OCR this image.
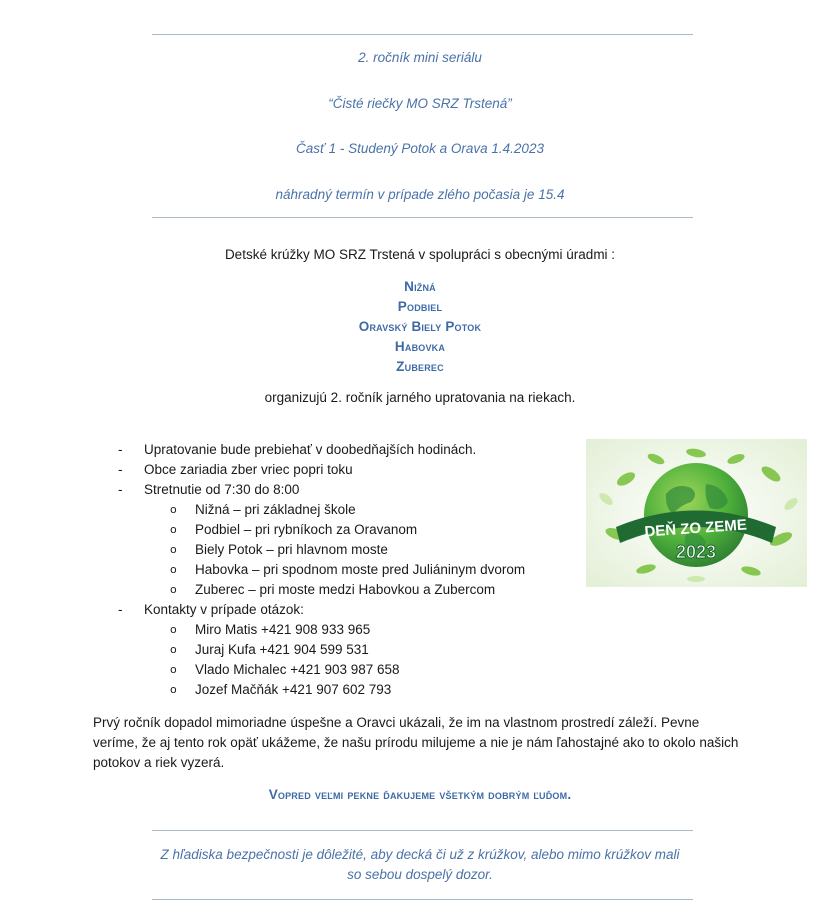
2. ročník mini seriálu
“Čisté riečky MO SRZ Trstená”
Časť 1 - Studený Potok a Orava 1.4.2023
náhradný termín v prípade zlého počasia je 15.4
Detské krúžky MO SRZ Trstená v spolupráci s obecnými úradmi :
Nižná
Podbiel
Oravský Biely Potok
Habovka
Zuberec
organizujú 2. ročník jarného upratovania na riekach.
- Upratovanie bude prebiehať v doobedňajších hodinách.
- Obce zariadia zber vriec popri toku
- Stretnutie od 7:30 do 8:00
o Nižná – pri základnej škole
o Podbiel – pri rybníkoch za Oravanom
o Biely Potok – pri hlavnom moste
o Habovka – pri spodnom moste pred Juliáninym dvorom
o Zuberec – pri moste medzi Habovkou a Zubercom
- Kontakty v prípade otázok:
o Miro Matis +421 908 933 965
o Juraj Kufa +421 904 599 531
o Vlado Michalec +421 903 987 658
o Jozef Mačňák +421 907 602 793
DEŇ ZO ZEME
2023
Prvý ročník dopadol mimoriadne úspešne a Oravci ukázali, že im na vlastnom prostredí záleží. Pevne veríme, že aj tento rok opäť ukážeme, že našu prírodu milujeme a nie je nám ľahostajné ako to okolo našich potokov a riek vyzerá.
Vopred veľmi pekne ďakujeme všetkým dobrým ľuďom.
Z hľadiska bezpečnosti je dôležité, aby decká či už z krúžkov, alebo mimo krúžkov mali
so sebou dospelý dozor.
